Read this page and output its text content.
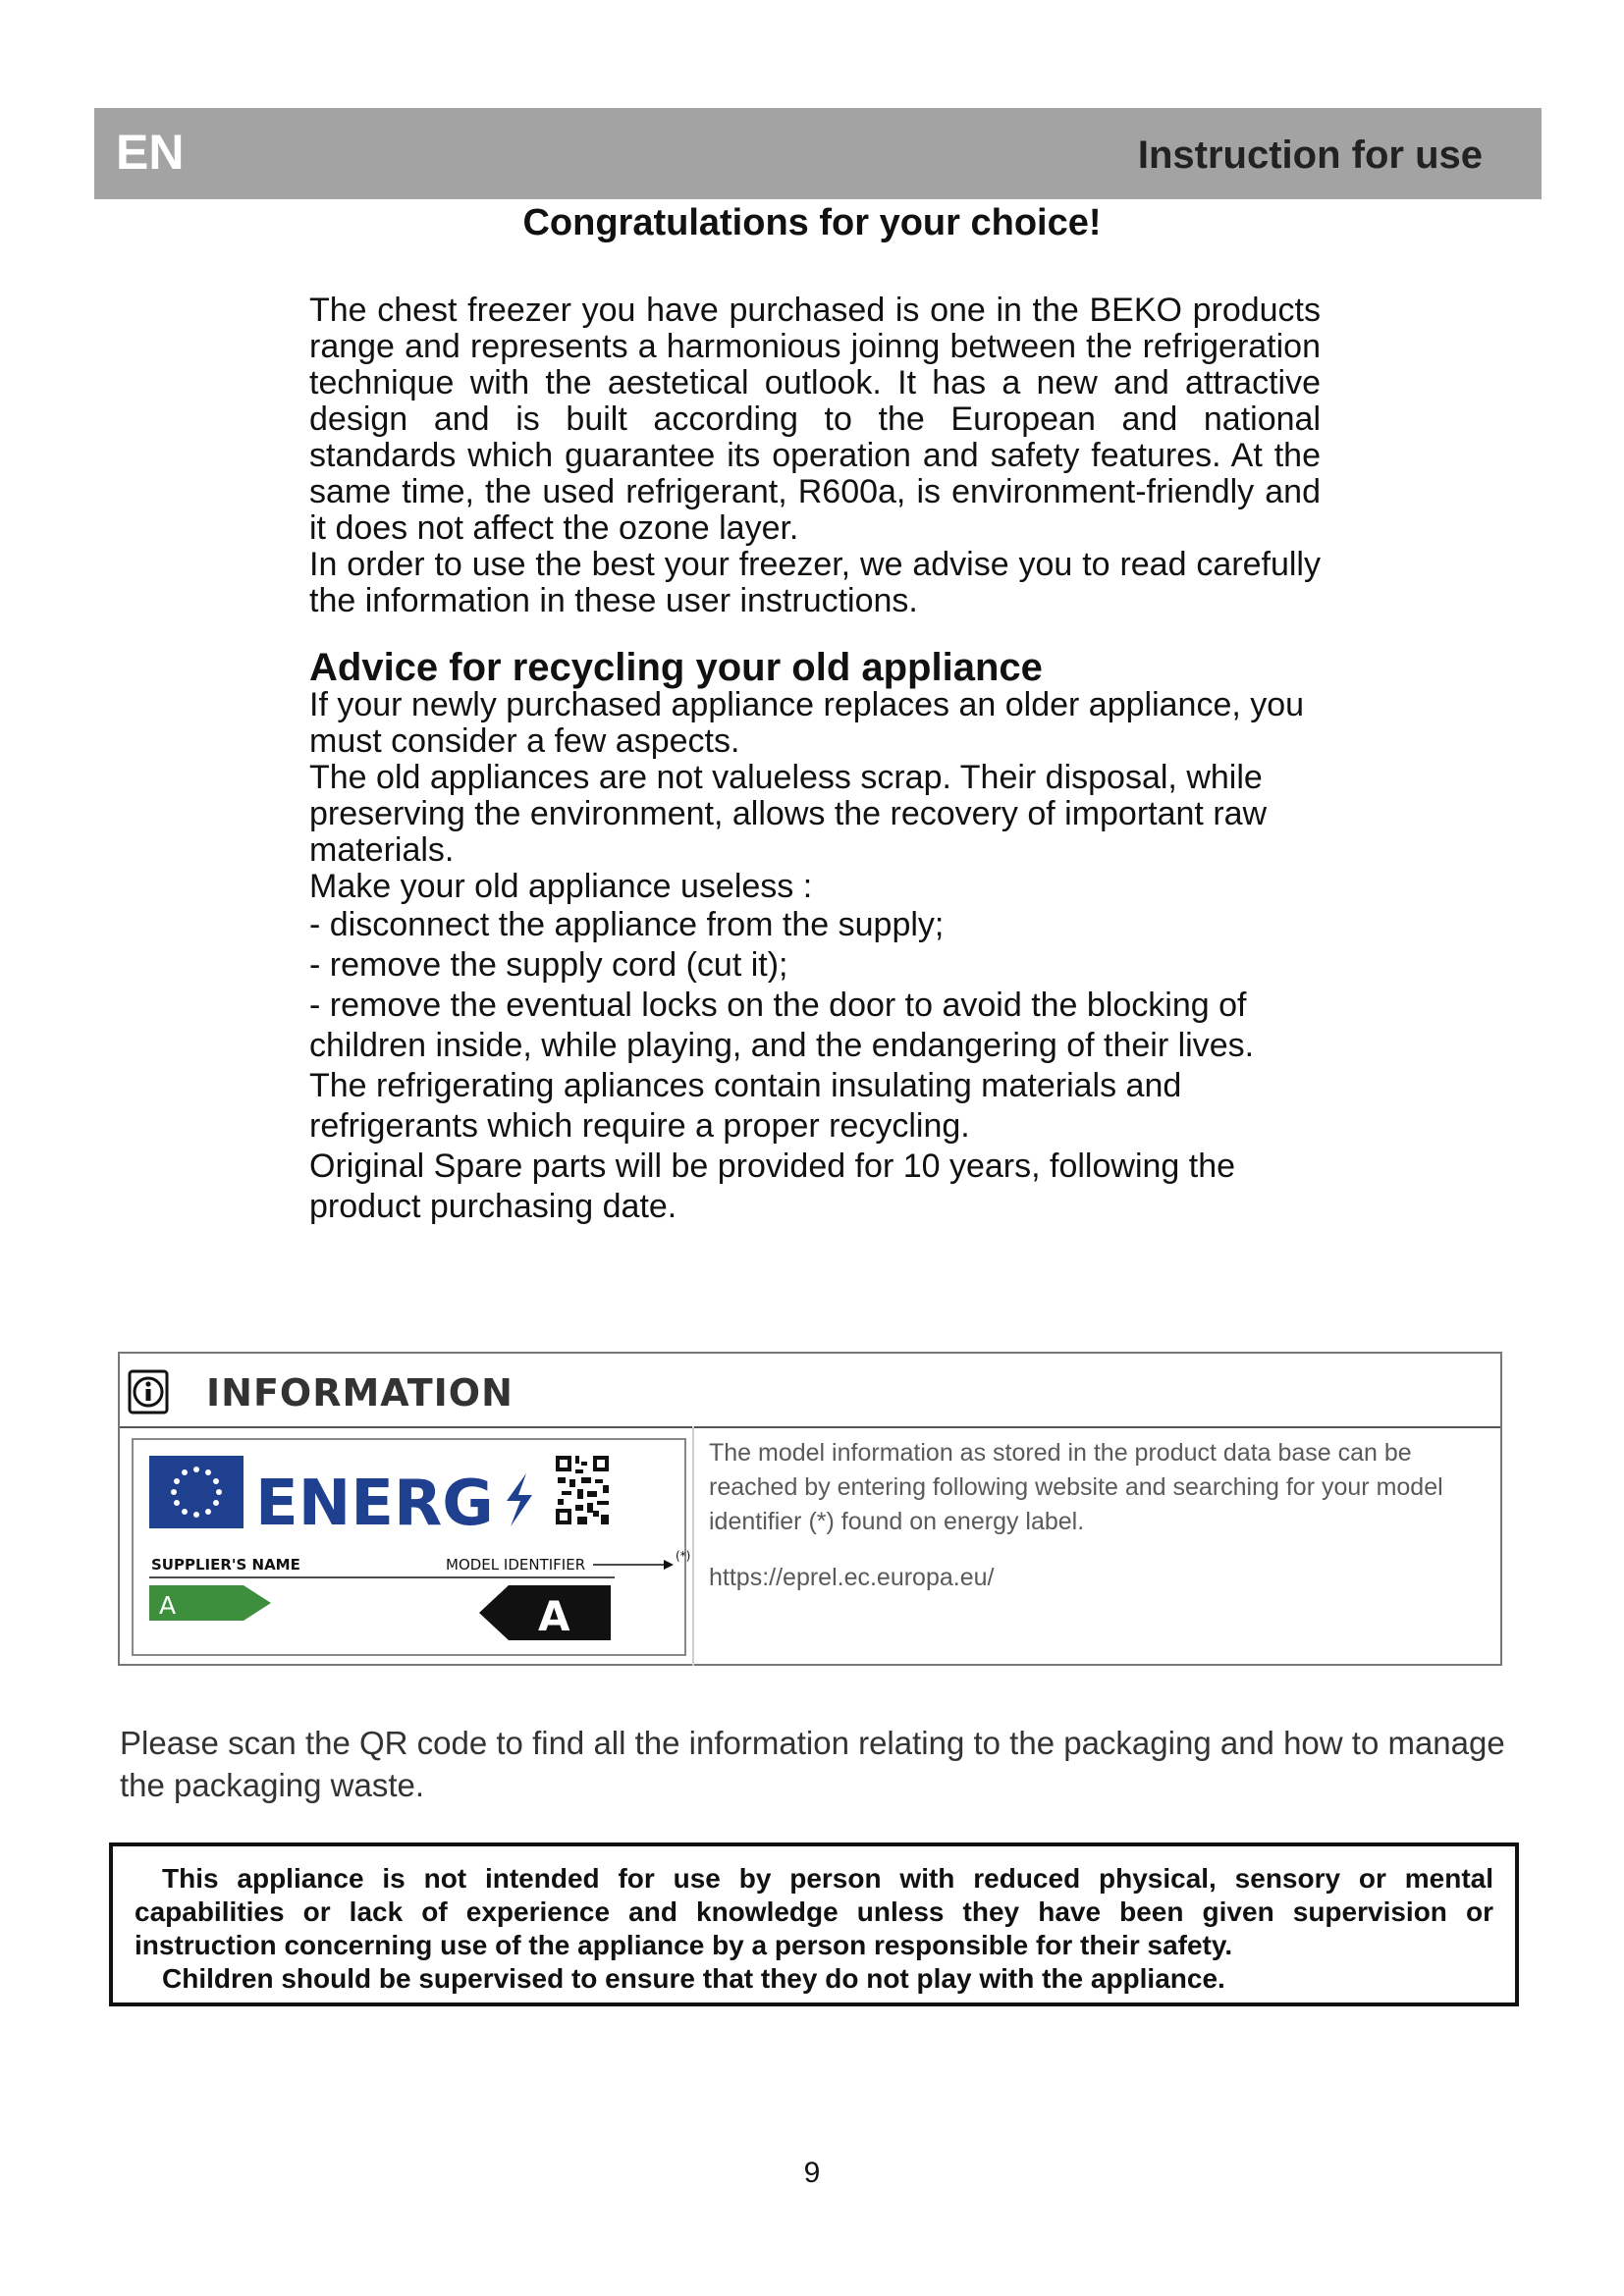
EN	Instruction for use
Congratulations for your choice!

The chest freezer you have purchased is one in the BEKO products range and represents a harmonious joinng between the refrigeration technique with the aestetical outlook. It has a new and attractive design and is built according to the European and national standards which guarantee its operation and safety features. At the same time, the used refrigerant, R600a, is environment-friendly and it does not affect the ozone layer.

In order to use the best your freezer, we advise you to read carefully the information in these user instructions.

Advice for recycling your old appliance

If your newly purchased appliance replaces an older appliance, you must consider a few aspects.

The old appliances are not valueless scrap. Their disposal, while preserving the environment, allows the recovery of important raw materials.

Make your old appliance useless :

- disconnect the appliance from the supply;

- remove the supply cord (cut it);

- remove the eventual locks on the door to avoid the blocking of children inside, while playing, and the endangering of their lives.

The refrigerating apliances contain insulating materials and refrigerants which require a proper recycling.

Original Spare parts will be provided for 10 years, following the product purchasing date.

INFORMATION
ENERG
SUPPLIER'S NAME	MODEL IDENTIFIER	(*)
A	A

The model information as stored in the product data base can be reached by entering following website and searching for your model identifier (*) found on energy label.

https://eprel.ec.europa.eu/

Please scan the QR code to find all the information relating to the packaging and how to manage the packaging waste.

This appliance is not intended for use by person with reduced physical, sensory or mental capabilities or lack of experience and knowledge unless they have been given supervision or instruction concerning use of the appliance by a person responsible for their safety.

Children should be supervised to ensure that they do not play with the appliance.

9
